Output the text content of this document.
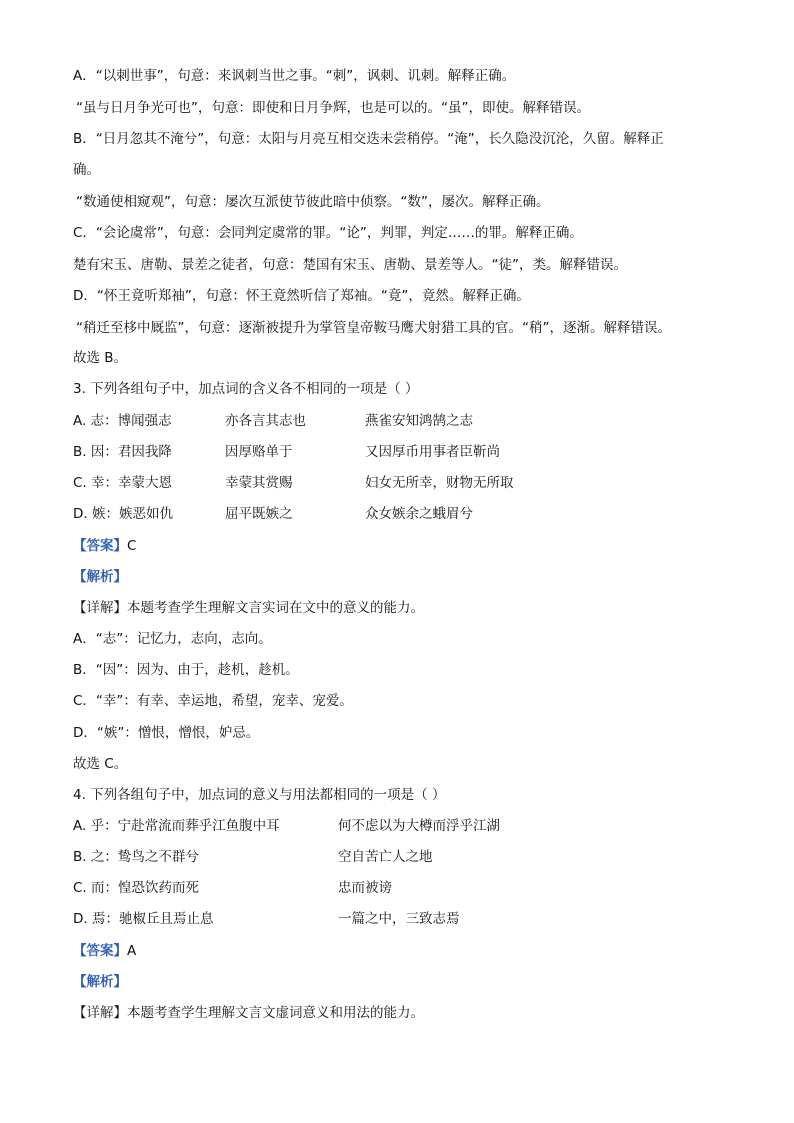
A．“以刺世事”，句意：来讽刺当世之事。“刺”，讽刺、讥刺。解释正确。
“虽与日月争光可也”，句意：即使和日月争辉，也是可以的。“虽”，即使。解释错误。
B．“日月忽其不淹兮”，句意：太阳与月亮互相交迭未尝稍停。“淹”，长久隐没沉沦，久留。解释正
确。
“数通使相窥观”，句意：屡次互派使节彼此暗中侦察。“数”，屡次。解释正确。
C．“会论虞常”，句意：会同判定虞常的罪。“论”，判罪，判定……的罪。解释正确。
楚有宋玉、唐勒、景差之徒者，句意：楚国有宋玉、唐勒、景差等人。“徒”，类。解释错误。
D．“怀王竟听郑袖”，句意：怀王竟然听信了郑袖。“竟”，竟然。解释正确。
“稍迁至栘中厩监”，句意：逐渐被提升为掌管皇帝鞍马鹰犬射猎工具的官。“稍”，逐渐。解释错误。
故选 B。
3. 下列各组句子中，加点词的含义各不相同的一项是（ ）
A. 志：博闻强志	亦各言其志也	燕雀安知鸿鹄之志
B. 因：君因我降	因厚赂单于	又因厚币用事者臣靳尚
C. 幸：幸蒙大恩	幸蒙其赏赐	妇女无所幸，财物无所取
D. 嫉：嫉恶如仇	屈平既嫉之	众女嫉余之蛾眉兮
【答案】C
【解析】
【详解】本题考查学生理解文言实词在文中的意义的能力。
A．“志”：记忆力，志向，志向。
B．“因”：因为、由于，趁机，趁机。
C．“幸”：有幸、幸运地，希望，宠幸、宠爱。
D．“嫉”：憎恨，憎恨，妒忌。
故选 C。
4. 下列各组句子中，加点词的意义与用法都相同的一项是（ ）
A. 乎：宁赴常流而葬乎江鱼腹中耳	何不虑以为大樽而浮乎江湖
B. 之：鸷鸟之不群兮	空自苦亡人之地
C. 而：惶恐饮药而死	忠而被谤
D. 焉：驰椒丘且焉止息	一篇之中，三致志焉
【答案】A
【解析】
【详解】本题考查学生理解文言文虚词意义和用法的能力。
